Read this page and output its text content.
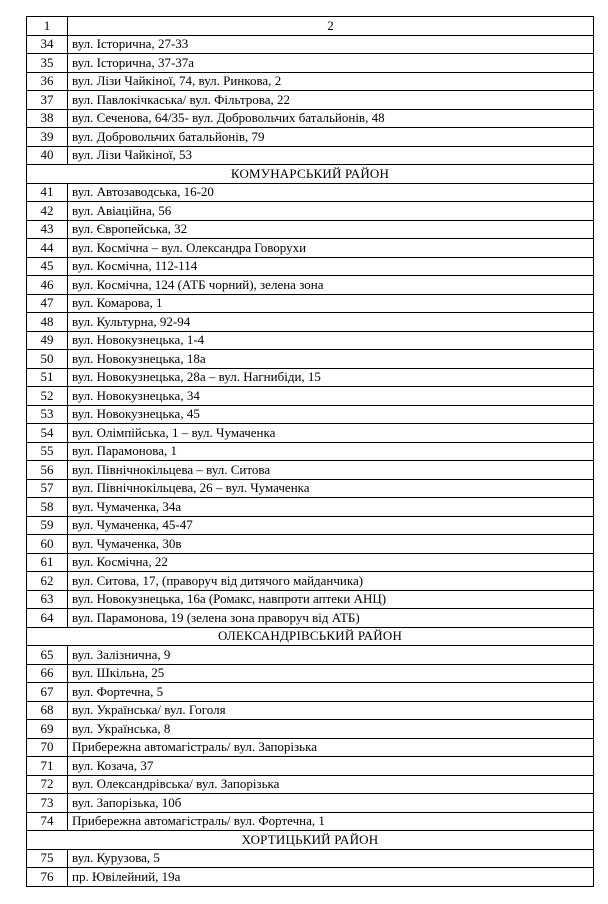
1	2
34	вул. Історична, 27-33
35	вул. Історична, 37-37а
36	вул. Лізи Чайкіної, 74, вул. Ринкова, 2
37	вул. Павлокічкаська/ вул. Фільтрова, 22
38	вул. Сеченова, 64/35- вул. Добровольчих батальйонів, 48
39	вул. Добровольчих батальйонів, 79
40	вул. Лізи Чайкіної, 53
КОМУНАРСЬКИЙ РАЙОН	
41	вул. Автозаводська, 16-20
42	вул. Авіаційна, 56
43	вул. Європейська, 32
44	вул. Космічна – вул. Олександра Говорухи
45	вул. Космічна, 112-114
46	вул. Космічна, 124 (АТБ чорний), зелена зона
47	вул. Комарова, 1
48	вул. Культурна, 92-94
49	вул. Новокузнецька, 1-4
50	вул. Новокузнецька, 18а
51	вул. Новокузнецька, 28а – вул. Нагнибіди, 15
52	вул. Новокузнецька, 34
53	вул. Новокузнецька, 45
54	вул. Олімпійська, 1 – вул. Чумаченка
55	вул. Парамонова, 1
56	вул. Північнокільцева – вул. Ситова
57	вул. Північнокільцева, 26 – вул. Чумаченка
58	вул. Чумаченка, 34а
59	вул. Чумаченка, 45-47
60	вул. Чумаченка, 30в
61	вул. Космічна, 22
62	вул. Ситова, 17, (праворуч від дитячого майданчика)
63	вул. Новокузнецька, 16а (Ромакс, навпроти аптеки АНЦ)
64	вул. Парамонова, 19 (зелена зона праворуч від АТБ)
ОЛЕКСАНДРІВСЬКИЙ РАЙОН	
65	вул. Залізнична, 9
66	вул. Шкільна, 25
67	вул. Фортечна, 5
68	вул. Українська/ вул. Гоголя
69	вул. Українська, 8
70	Прибережна автомагістраль/ вул. Запорізька
71	вул. Козача, 37
72	вул. Олександрівська/ вул. Запорізька
73	вул. Запорізька, 10б
74	Прибережна автомагістраль/ вул. Фортечна, 1
ХОРТИЦЬКИЙ РАЙОН	
75	вул. Курузова, 5
76	пр. Ювілейний, 19а
